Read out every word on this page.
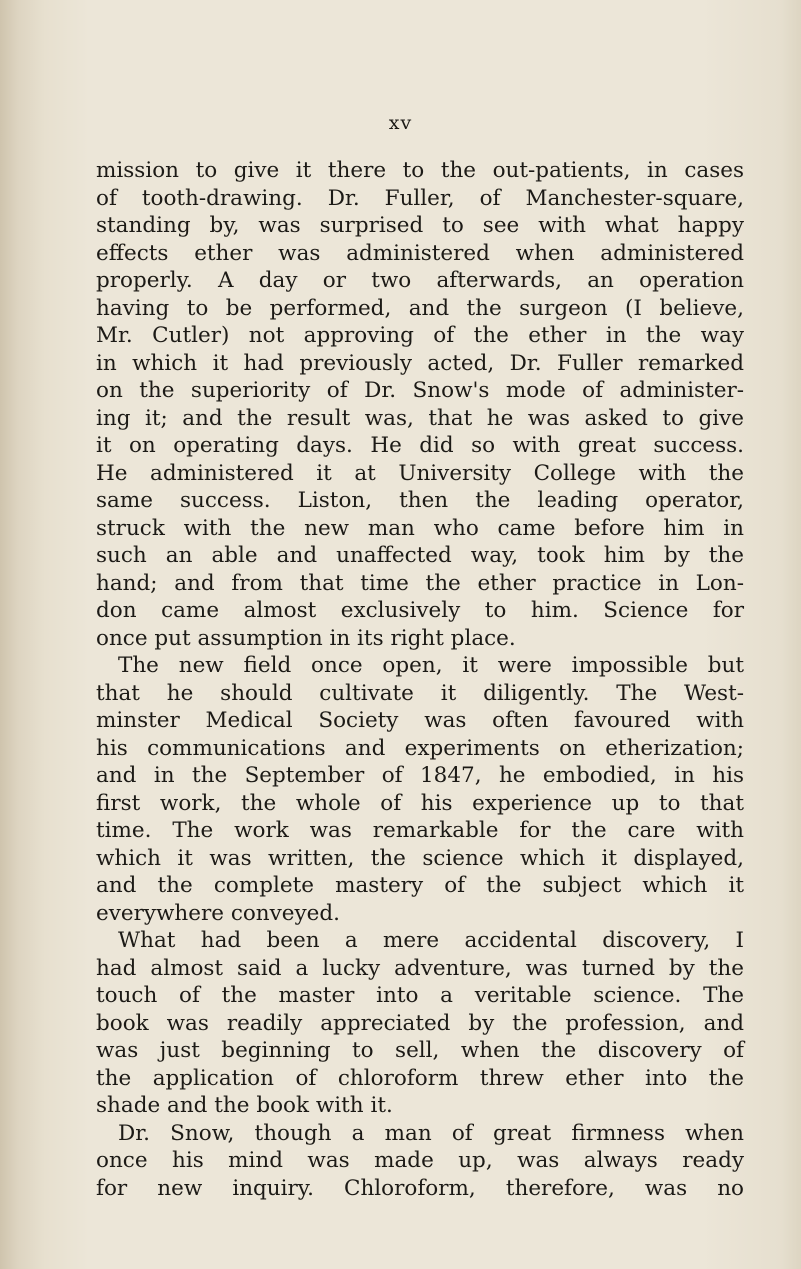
xv
mission to give it there to the out-patients, in cases
of tooth-drawing. Dr. Fuller, of Manchester-square,
standing by, was surprised to see with what happy
effects ether was administered when administered
properly. A day or two afterwards, an operation
having to be performed, and the surgeon (I believe,
Mr. Cutler) not approving of the ether in the way
in which it had previously acted, Dr. Fuller remarked
on the superiority of Dr. Snow's mode of administer-
ing it; and the result was, that he was asked to give
it on operating days. He did so with great success.
He administered it at University College with the
same success. Liston, then the leading operator,
struck with the new man who came before him in
such an able and unaffected way, took him by the
hand; and from that time the ether practice in Lon-
don came almost exclusively to him. Science for
once put assumption in its right place.
The new field once open, it were impossible but
that he should cultivate it diligently. The West-
minster Medical Society was often favoured with
his communications and experiments on etherization;
and in the September of 1847, he embodied, in his
first work, the whole of his experience up to that
time. The work was remarkable for the care with
which it was written, the science which it displayed,
and the complete mastery of the subject which it
everywhere conveyed.
What had been a mere accidental discovery, I
had almost said a lucky adventure, was turned by the
touch of the master into a veritable science. The
book was readily appreciated by the profession, and
was just beginning to sell, when the discovery of
the application of chloroform threw ether into the
shade and the book with it.
Dr. Snow, though a man of great firmness when
once his mind was made up, was always ready
for new inquiry. Chloroform, therefore, was no
